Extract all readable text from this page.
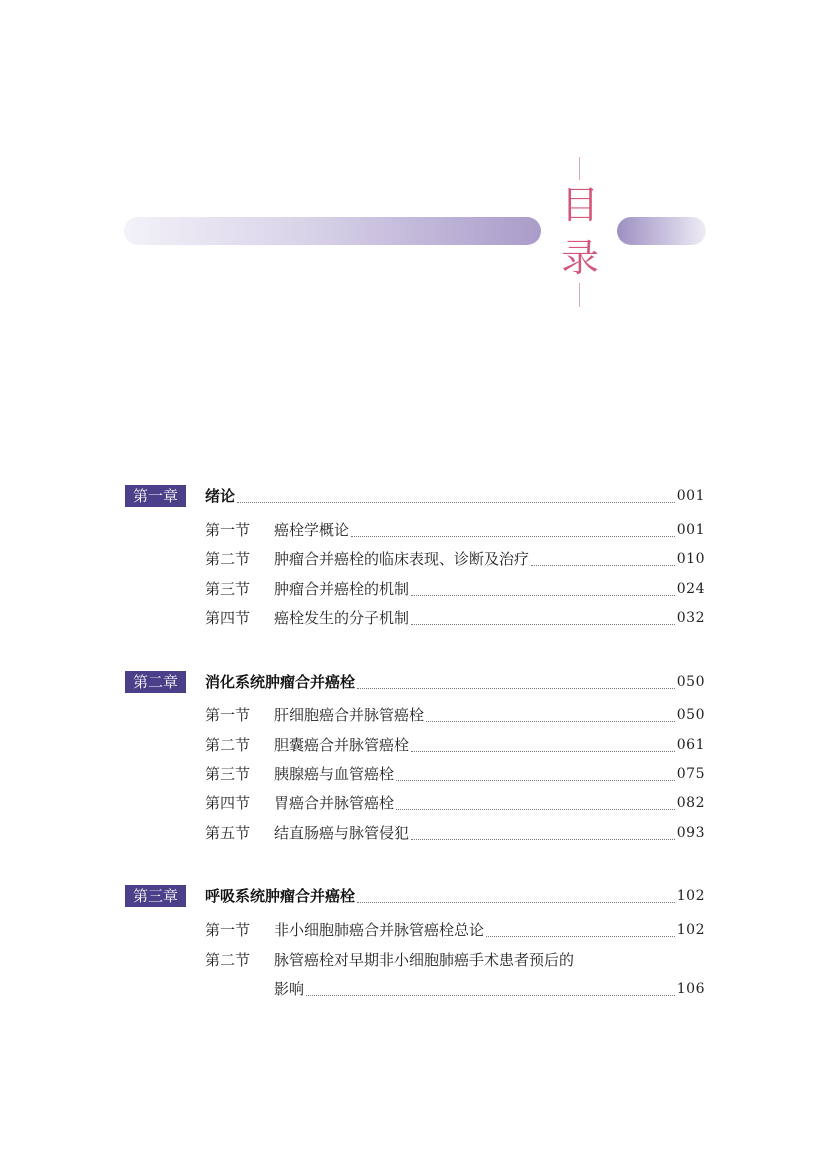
目
录
第一章	绪论	001
第一节 癌栓学概论	001
第二节 肿瘤合并癌栓的临床表现、诊断及治疗	010
第三节 肿瘤合并癌栓的机制	024
第四节 癌栓发生的分子机制	032
第二章	消化系统肿瘤合并癌栓	050
第一节 肝细胞癌合并脉管癌栓	050
第二节 胆囊癌合并脉管癌栓	061
第三节 胰腺癌与血管癌栓	075
第四节 胃癌合并脉管癌栓	082
第五节 结直肠癌与脉管侵犯	093
第三章	呼吸系统肿瘤合并癌栓	102
第一节 非小细胞肺癌合并脉管癌栓总论	102
第二节 脉管癌栓对早期非小细胞肺癌手术患者预后的
影响	106
